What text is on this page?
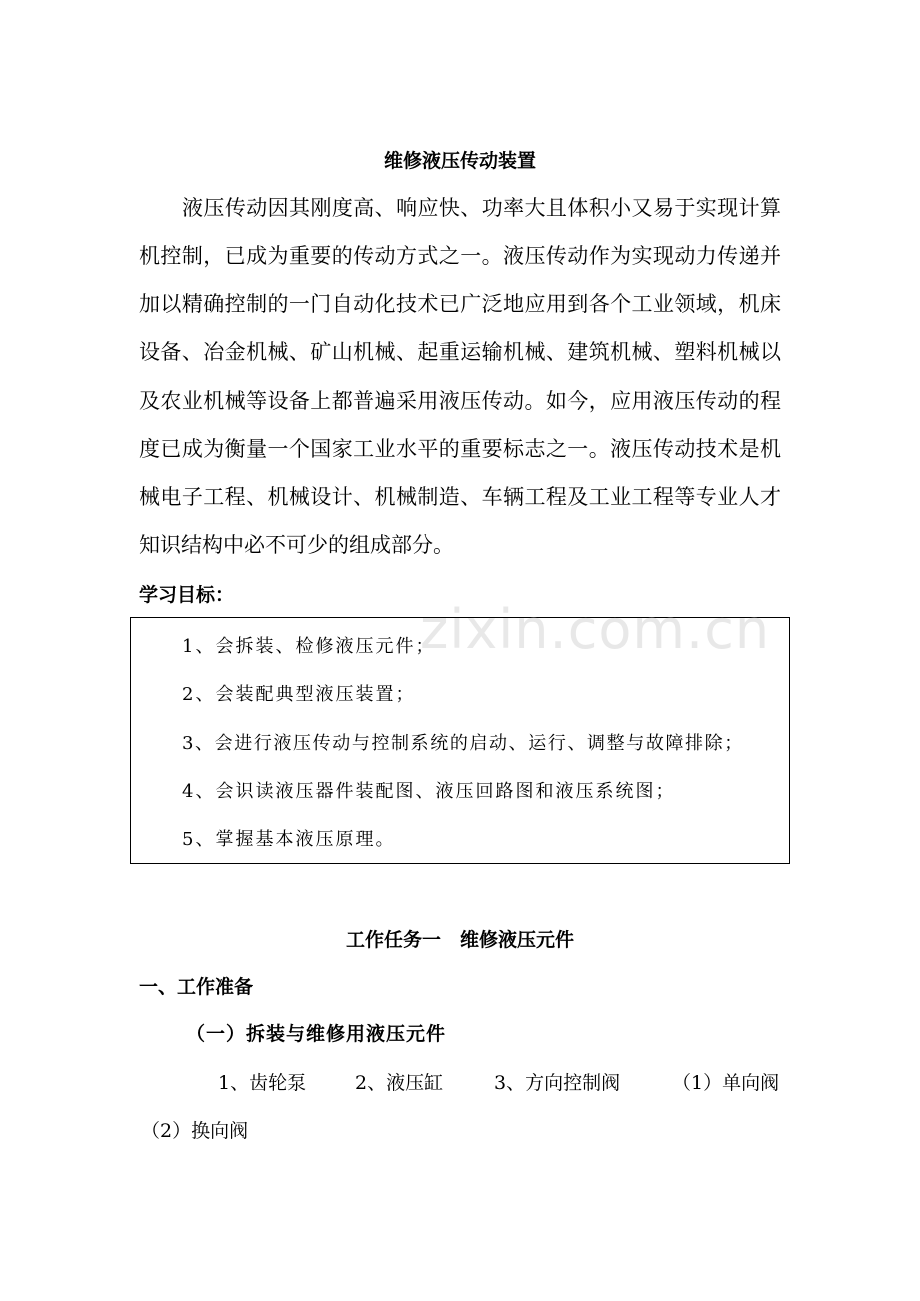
维修液压传动装置
液压传动因其刚度高、响应快、功率大且体积小又易于实现计算
机控制，已成为重要的传动方式之一。液压传动作为实现动力传递并
加以精确控制的一门自动化技术已广泛地应用到各个工业领域，机床
设备、冶金机械、矿山机械、起重运输机械、建筑机械、塑料机械以
及农业机械等设备上都普遍采用液压传动。如今，应用液压传动的程
度已成为衡量一个国家工业水平的重要标志之一。液压传动技术是机
械电子工程、机械设计、机械制造、车辆工程及工业工程等专业人才
知识结构中必不可少的组成部分。
学习目标：
1、会拆装、检修液压元件；
2、会装配典型液压装置；
3、会进行液压传动与控制系统的启动、运行、调整与故障排除；
4、会识读液压器件装配图、液压回路图和液压系统图；
5、掌握基本液压原理。
zixin.com.cn
工作任务一　维修液压元件
一、工作准备
（一）拆装与维修用液压元件
1、齿轮泵	2、液压缸	3、方向控制阀	（1）单向阀
（2）换向阀
